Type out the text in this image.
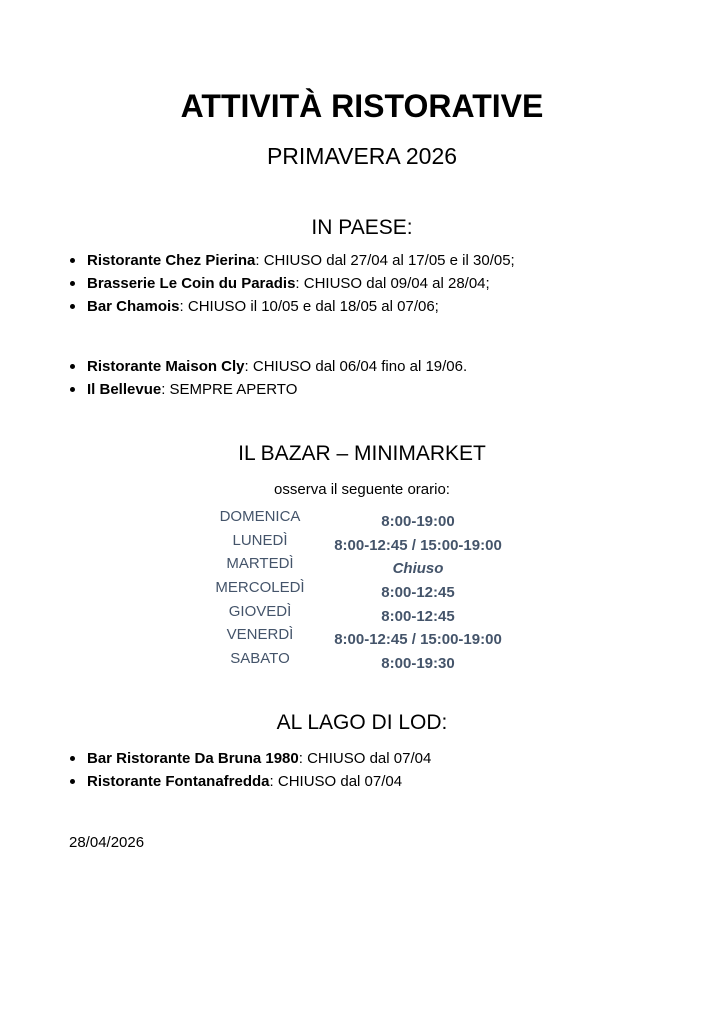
ATTIVITÀ RISTORATIVE
PRIMAVERA 2026
IN PAESE:
Ristorante Chez Pierina: CHIUSO dal 27/04 al 17/05 e il 30/05;
Brasserie Le Coin du Paradis: CHIUSO dal 09/04 al 28/04;
Bar Chamois: CHIUSO il 10/05 e dal 18/05 al 07/06;
Ristorante Maison Cly: CHIUSO dal 06/04 fino al 19/06.
Il Bellevue: SEMPRE APERTO
IL BAZAR – MINIMARKET
osserva il seguente orario:
DOMENICA	8:00-19:00
LUNEDÌ	8:00-12:45 / 15:00-19:00
MARTEDÌ	Chiuso
MERCOLEDÌ	8:00-12:45
GIOVEDÌ	8:00-12:45
VENERDÌ	8:00-12:45 / 15:00-19:00
SABATO	8:00-19:30
AL LAGO DI LOD:
Bar Ristorante Da Bruna 1980: CHIUSO dal 07/04
Ristorante Fontanafredda: CHIUSO dal 07/04
28/04/2026
